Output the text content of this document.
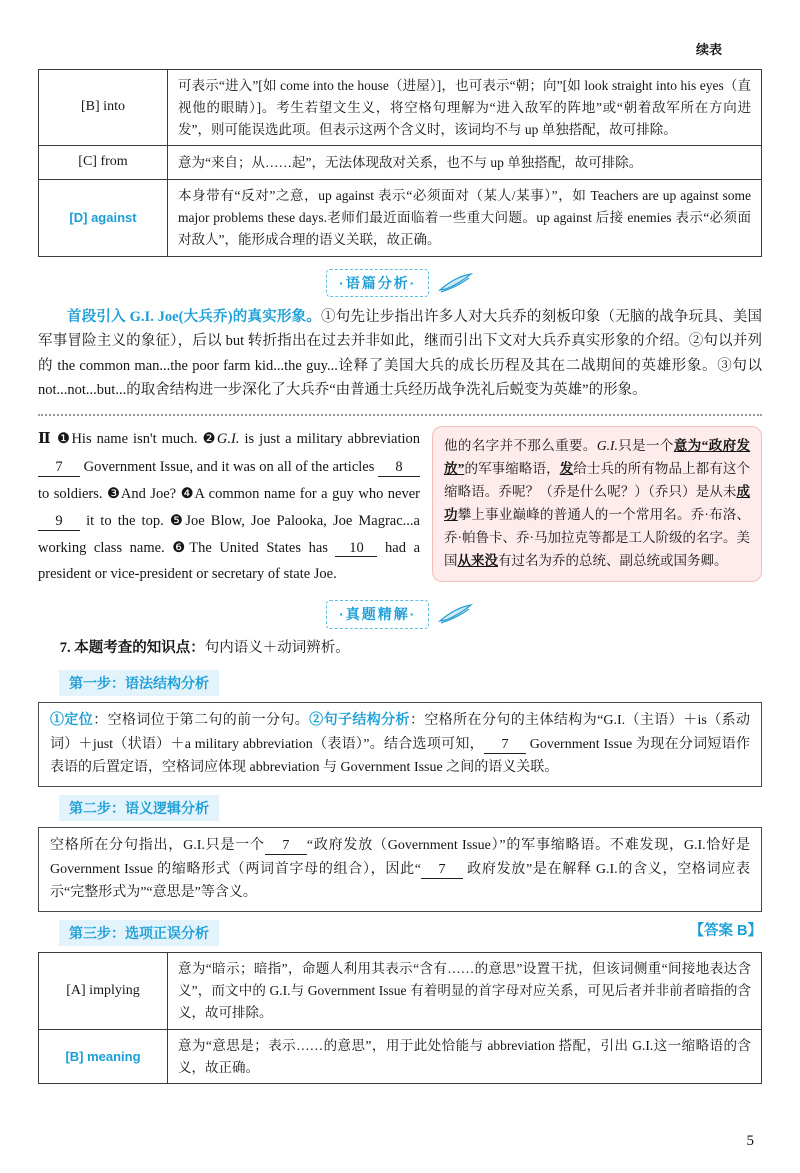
续表
[B] into	可表示“进入”[如 come into the house（进屋）]，也可表示“朝；向”[如 look straight into his eyes（直视他的眼睛）]。考生若望文生义，将空格句理解为“进入敌军的阵地”或“朝着敌军所在方向进发”，则可能误选此项。但表示这两个含义时，该词均不与 up 单独搭配，故可排除。
[C] from	意为“来自；从……起”，无法体现敌对关系，也不与 up 单独搭配，故可排除。
[D] against	本身带有“反对”之意，up against 表示“必须面对（某人/某事）”，如 Teachers are up against some major problems these days.老师们最近面临着一些重大问题。up against 后接 enemies 表示“必须面对敌人”，能形成合理的语义关联，故正确。
·语篇分析·

首段引入 G.I. Joe(大兵乔)的真实形象。①句先让步指出许多人对大兵乔的刻板印象（无脑的战争玩具、美国军事冒险主义的象征），后以 but 转折指出在过去并非如此，继而引出下文对大兵乔真实形象的介绍。②句以并列的 the common man...the poor farm kid...the guy...诠释了美国大兵的成长历程及其在二战期间的英雄形象。③句以 not...not...but...的取舍结构进一步深化了大兵乔“由普通士兵经历战争洗礼后蜕变为英雄”的形象。

Ⅱ ❶His name isn't much. ❷G.I. is just a military abbreviation 7 Government Issue, and it was on all of the articles 8 to soldiers. ❸And Joe? ❹A common name for a guy who never 9 it to the top. ❺Joe Blow, Joe Palooka, Joe Magrac...a working class name. ❻The United States has 10 had a president or vice-president or secretary of state Joe.
他的名字并不那么重要。G.I.只是一个意为“政府发放”的军事缩略语，发给士兵的所有物品上都有这个缩略语。乔呢？（乔是什么呢？）（乔只）是从未成功攀上事业巅峰的普通人的一个常用名。乔·布洛、乔·帕鲁卡、乔·马加拉克等都是工人阶级的名字。美国从来没有过名为乔的总统、副总统或国务卿。
·真题精解·

7. 本题考查的知识点：句内语义＋动词辨析。

第一步：语法结构分析
①定位：空格词位于第二句的前一分句。②句子结构分析：空格所在分句的主体结构为“G.I.（主语）＋is（系动词）＋just（状语）＋a military abbreviation（表语）”。结合选项可知， 7 Government Issue 为现在分词短语作表语的后置定语，空格词应体现 abbreviation 与 Government Issue 之间的语义关联。
第二步：语义逻辑分析
空格所在分句指出，G.I.只是一个 7 “政府发放（Government Issue）”的军事缩略语。不难发现，G.I.恰好是 Government Issue 的缩略形式（两词首字母的组合），因此“ 7 政府发放”是在解释 G.I.的含义，空格词应表示“完整形式为”“意思是”等含义。
第三步：选项正误分析	【答案 B】
[A] implying	意为“暗示；暗指”，命题人利用其表示“含有……的意思”设置干扰，但该词侧重“间接地表达含义”，而文中的 G.I.与 Government Issue 有着明显的首字母对应关系，可见后者并非前者暗指的含义，故可排除。
[B] meaning	意为“意思是；表示……的意思”，用于此处恰能与 abbreviation 搭配，引出 G.I.这一缩略语的含义，故正确。
5
